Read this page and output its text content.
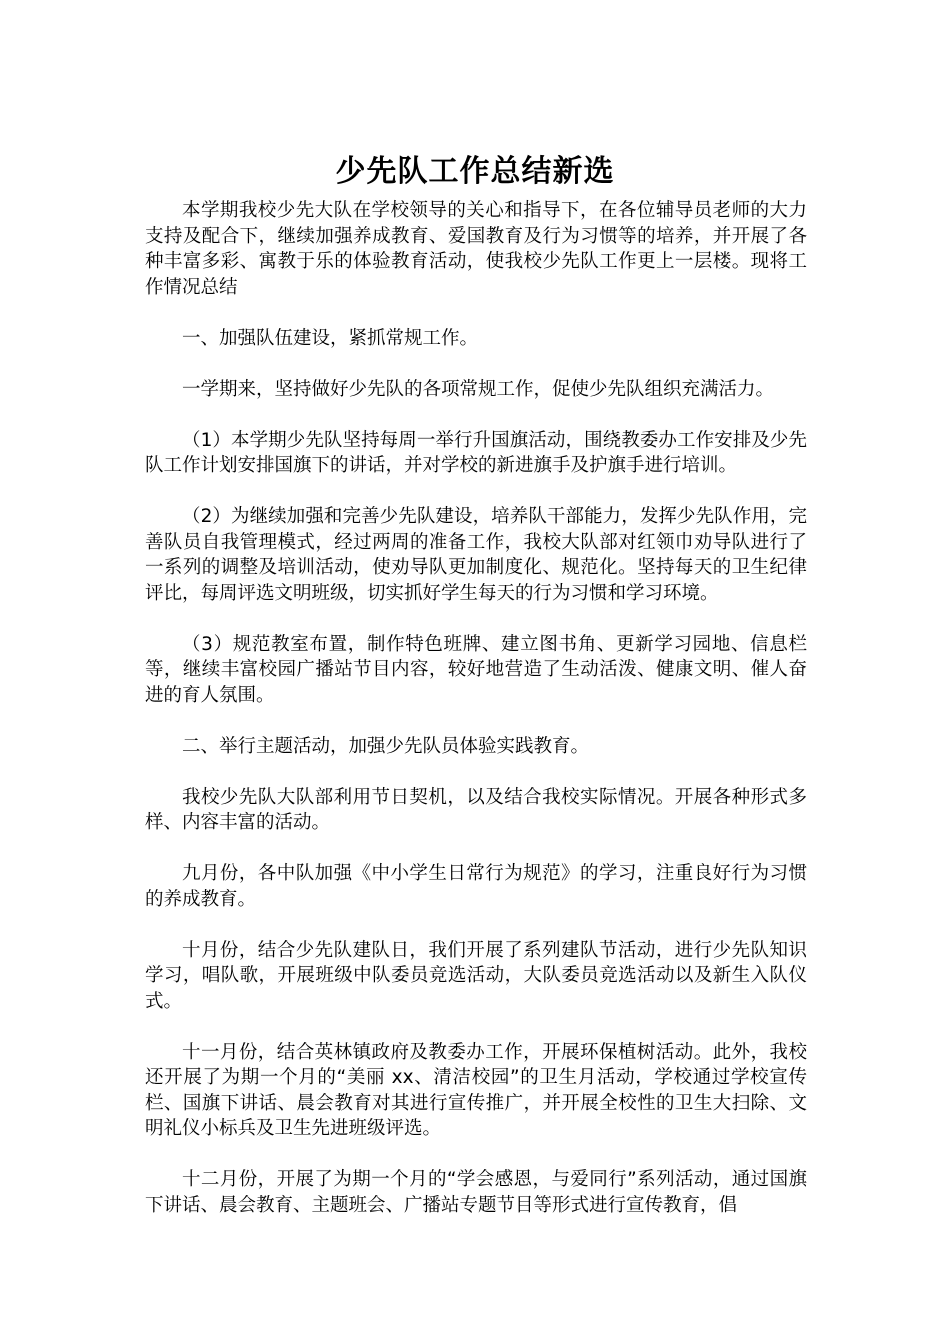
少先队工作总结新选

本学期我校少先大队在学校领导的关心和指导下，在各位辅导员老师的大力支持及配合下，继续加强养成教育、爱国教育及行为习惯等的培养，并开展了各种丰富多彩、寓教于乐的体验教育活动，使我校少先队工作更上一层楼。现将工作情况总结

一、加强队伍建设，紧抓常规工作。

一学期来，坚持做好少先队的各项常规工作，促使少先队组织充满活力。

（1）本学期少先队坚持每周一举行升国旗活动，围绕教委办工作安排及少先队工作计划安排国旗下的讲话，并对学校的新进旗手及护旗手进行培训。

（2）为继续加强和完善少先队建设，培养队干部能力，发挥少先队作用，完善队员自我管理模式，经过两周的准备工作，我校大队部对红领巾劝导队进行了一系列的调整及培训活动，使劝导队更加制度化、规范化。坚持每天的卫生纪律评比，每周评选文明班级，切实抓好学生每天的行为习惯和学习环境。

（3）规范教室布置，制作特色班牌、建立图书角、更新学习园地、信息栏等，继续丰富校园广播站节目内容，较好地营造了生动活泼、健康文明、催人奋进的育人氛围。

二、举行主题活动，加强少先队员体验实践教育。

我校少先队大队部利用节日契机，以及结合我校实际情况。开展各种形式多样、内容丰富的活动。

九月份，各中队加强《中小学生日常行为规范》的学习，注重良好行为习惯的养成教育。

十月份，结合少先队建队日，我们开展了系列建队节活动，进行少先队知识学习，唱队歌，开展班级中队委员竞选活动，大队委员竞选活动以及新生入队仪式。

十一月份，结合英林镇政府及教委办工作，开展环保植树活动。此外，我校还开展了为期一个月的“美丽 xx、清洁校园”的卫生月活动，学校通过学校宣传栏、国旗下讲话、晨会教育对其进行宣传推广，并开展全校性的卫生大扫除、文明礼仪小标兵及卫生先进班级评选。

十二月份，开展了为期一个月的“学会感恩，与爱同行”系列活动，通过国旗下讲话、晨会教育、主题班会、广播站专题节目等形式进行宣传教育，倡
